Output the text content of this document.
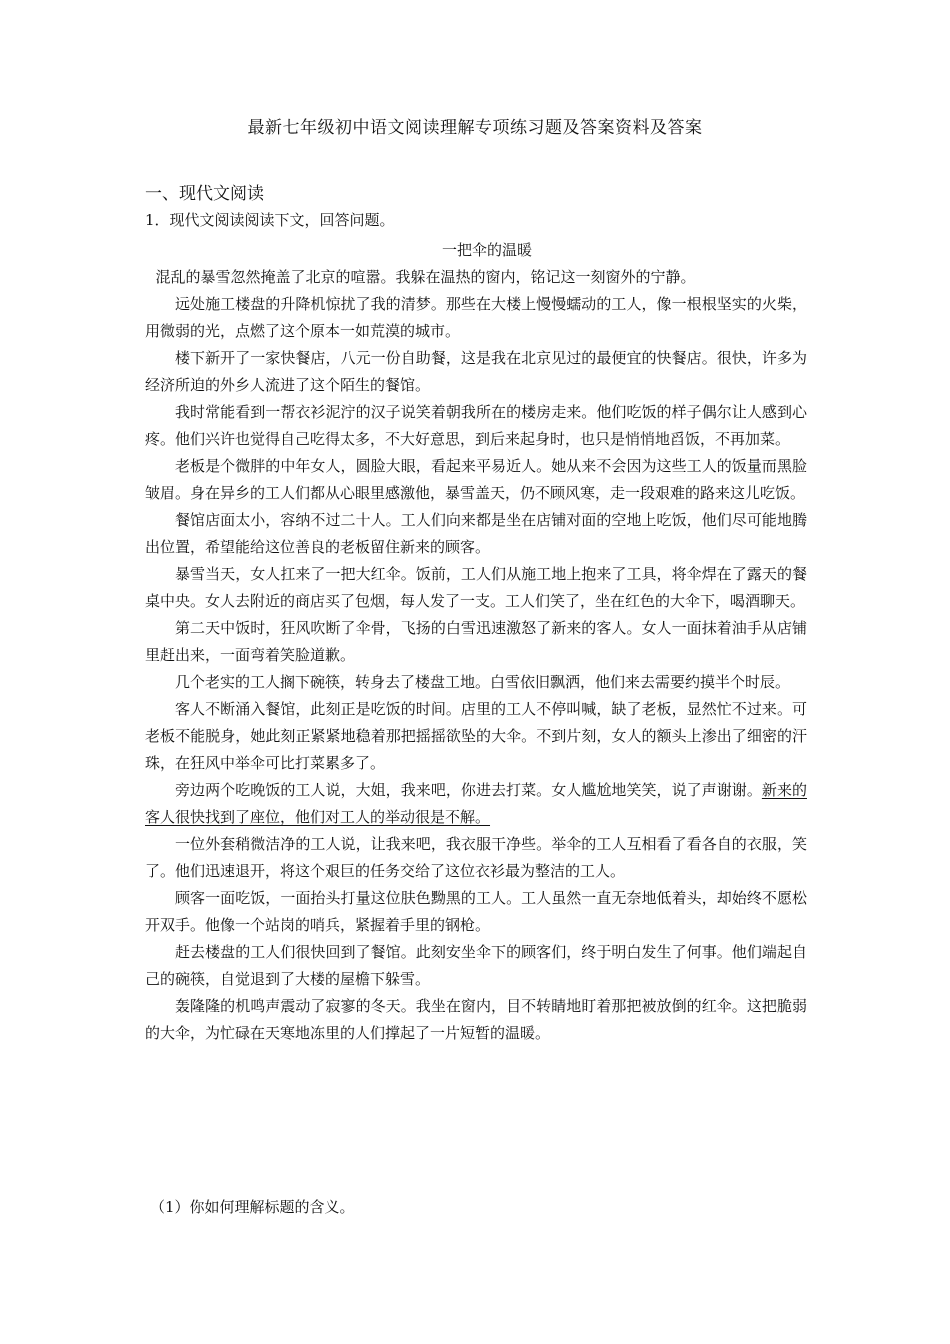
最新七年级初中语文阅读理解专项练习题及答案资料及答案
一、现代文阅读
1．现代文阅读阅读下文，回答问题。
一把伞的温暖

混乱的暴雪忽然掩盖了北京的喧嚣。我躲在温热的窗内，铭记这一刻窗外的宁静。

远处施工楼盘的升降机惊扰了我的清梦。那些在大楼上慢慢蠕动的工人，像一根根坚实的火柴，用微弱的光，点燃了这个原本一如荒漠的城市。

楼下新开了一家快餐店，八元一份自助餐，这是我在北京见过的最便宜的快餐店。很快，许多为经济所迫的外乡人流进了这个陌生的餐馆。

我时常能看到一帮衣衫泥泞的汉子说笑着朝我所在的楼房走来。他们吃饭的样子偶尔让人感到心疼。他们兴许也觉得自己吃得太多，不大好意思，到后来起身时，也只是悄悄地舀饭，不再加菜。

老板是个微胖的中年女人，圆脸大眼，看起来平易近人。她从来不会因为这些工人的饭量而黑脸皱眉。身在异乡的工人们都从心眼里感激他，暴雪盖天，仍不顾风寒，走一段艰难的路来这儿吃饭。

餐馆店面太小，容纳不过二十人。工人们向来都是坐在店铺对面的空地上吃饭，他们尽可能地腾出位置，希望能给这位善良的老板留住新来的顾客。

暴雪当天，女人扛来了一把大红伞。饭前，工人们从施工地上抱来了工具，将伞焊在了露天的餐桌中央。女人去附近的商店买了包烟，每人发了一支。工人们笑了，坐在红色的大伞下，喝酒聊天。

第二天中饭时，狂风吹断了伞骨，飞扬的白雪迅速激怒了新来的客人。女人一面抹着油手从店铺里赶出来，一面弯着笑脸道歉。

几个老实的工人搁下碗筷，转身去了楼盘工地。白雪依旧飘洒，他们来去需要约摸半个时辰。

客人不断涌入餐馆，此刻正是吃饭的时间。店里的工人不停叫喊，缺了老板，显然忙不过来。可老板不能脱身，她此刻正紧紧地稳着那把摇摇欲坠的大伞。不到片刻，女人的额头上渗出了细密的汗珠，在狂风中举伞可比打菜累多了。

旁边两个吃晚饭的工人说，大姐，我来吧，你进去打菜。女人尴尬地笑笑，说了声谢谢。新来的客人很快找到了座位，他们对工人的举动很是不解。

一位外套稍微洁净的工人说，让我来吧，我衣服干净些。举伞的工人互相看了看各自的衣服，笑了。他们迅速退开，将这个艰巨的任务交给了这位衣衫最为整洁的工人。

顾客一面吃饭，一面抬头打量这位肤色黝黑的工人。工人虽然一直无奈地低着头，却始终不愿松开双手。他像一个站岗的哨兵，紧握着手里的钢枪。

赶去楼盘的工人们很快回到了餐馆。此刻安坐伞下的顾客们，终于明白发生了何事。他们端起自己的碗筷，自觉退到了大楼的屋檐下躲雪。

轰隆隆的机鸣声震动了寂寥的冬天。我坐在窗内，目不转睛地盯着那把被放倒的红伞。这把脆弱的大伞，为忙碌在天寒地冻里的人们撑起了一片短暂的温暖。

（1）你如何理解标题的含义。
